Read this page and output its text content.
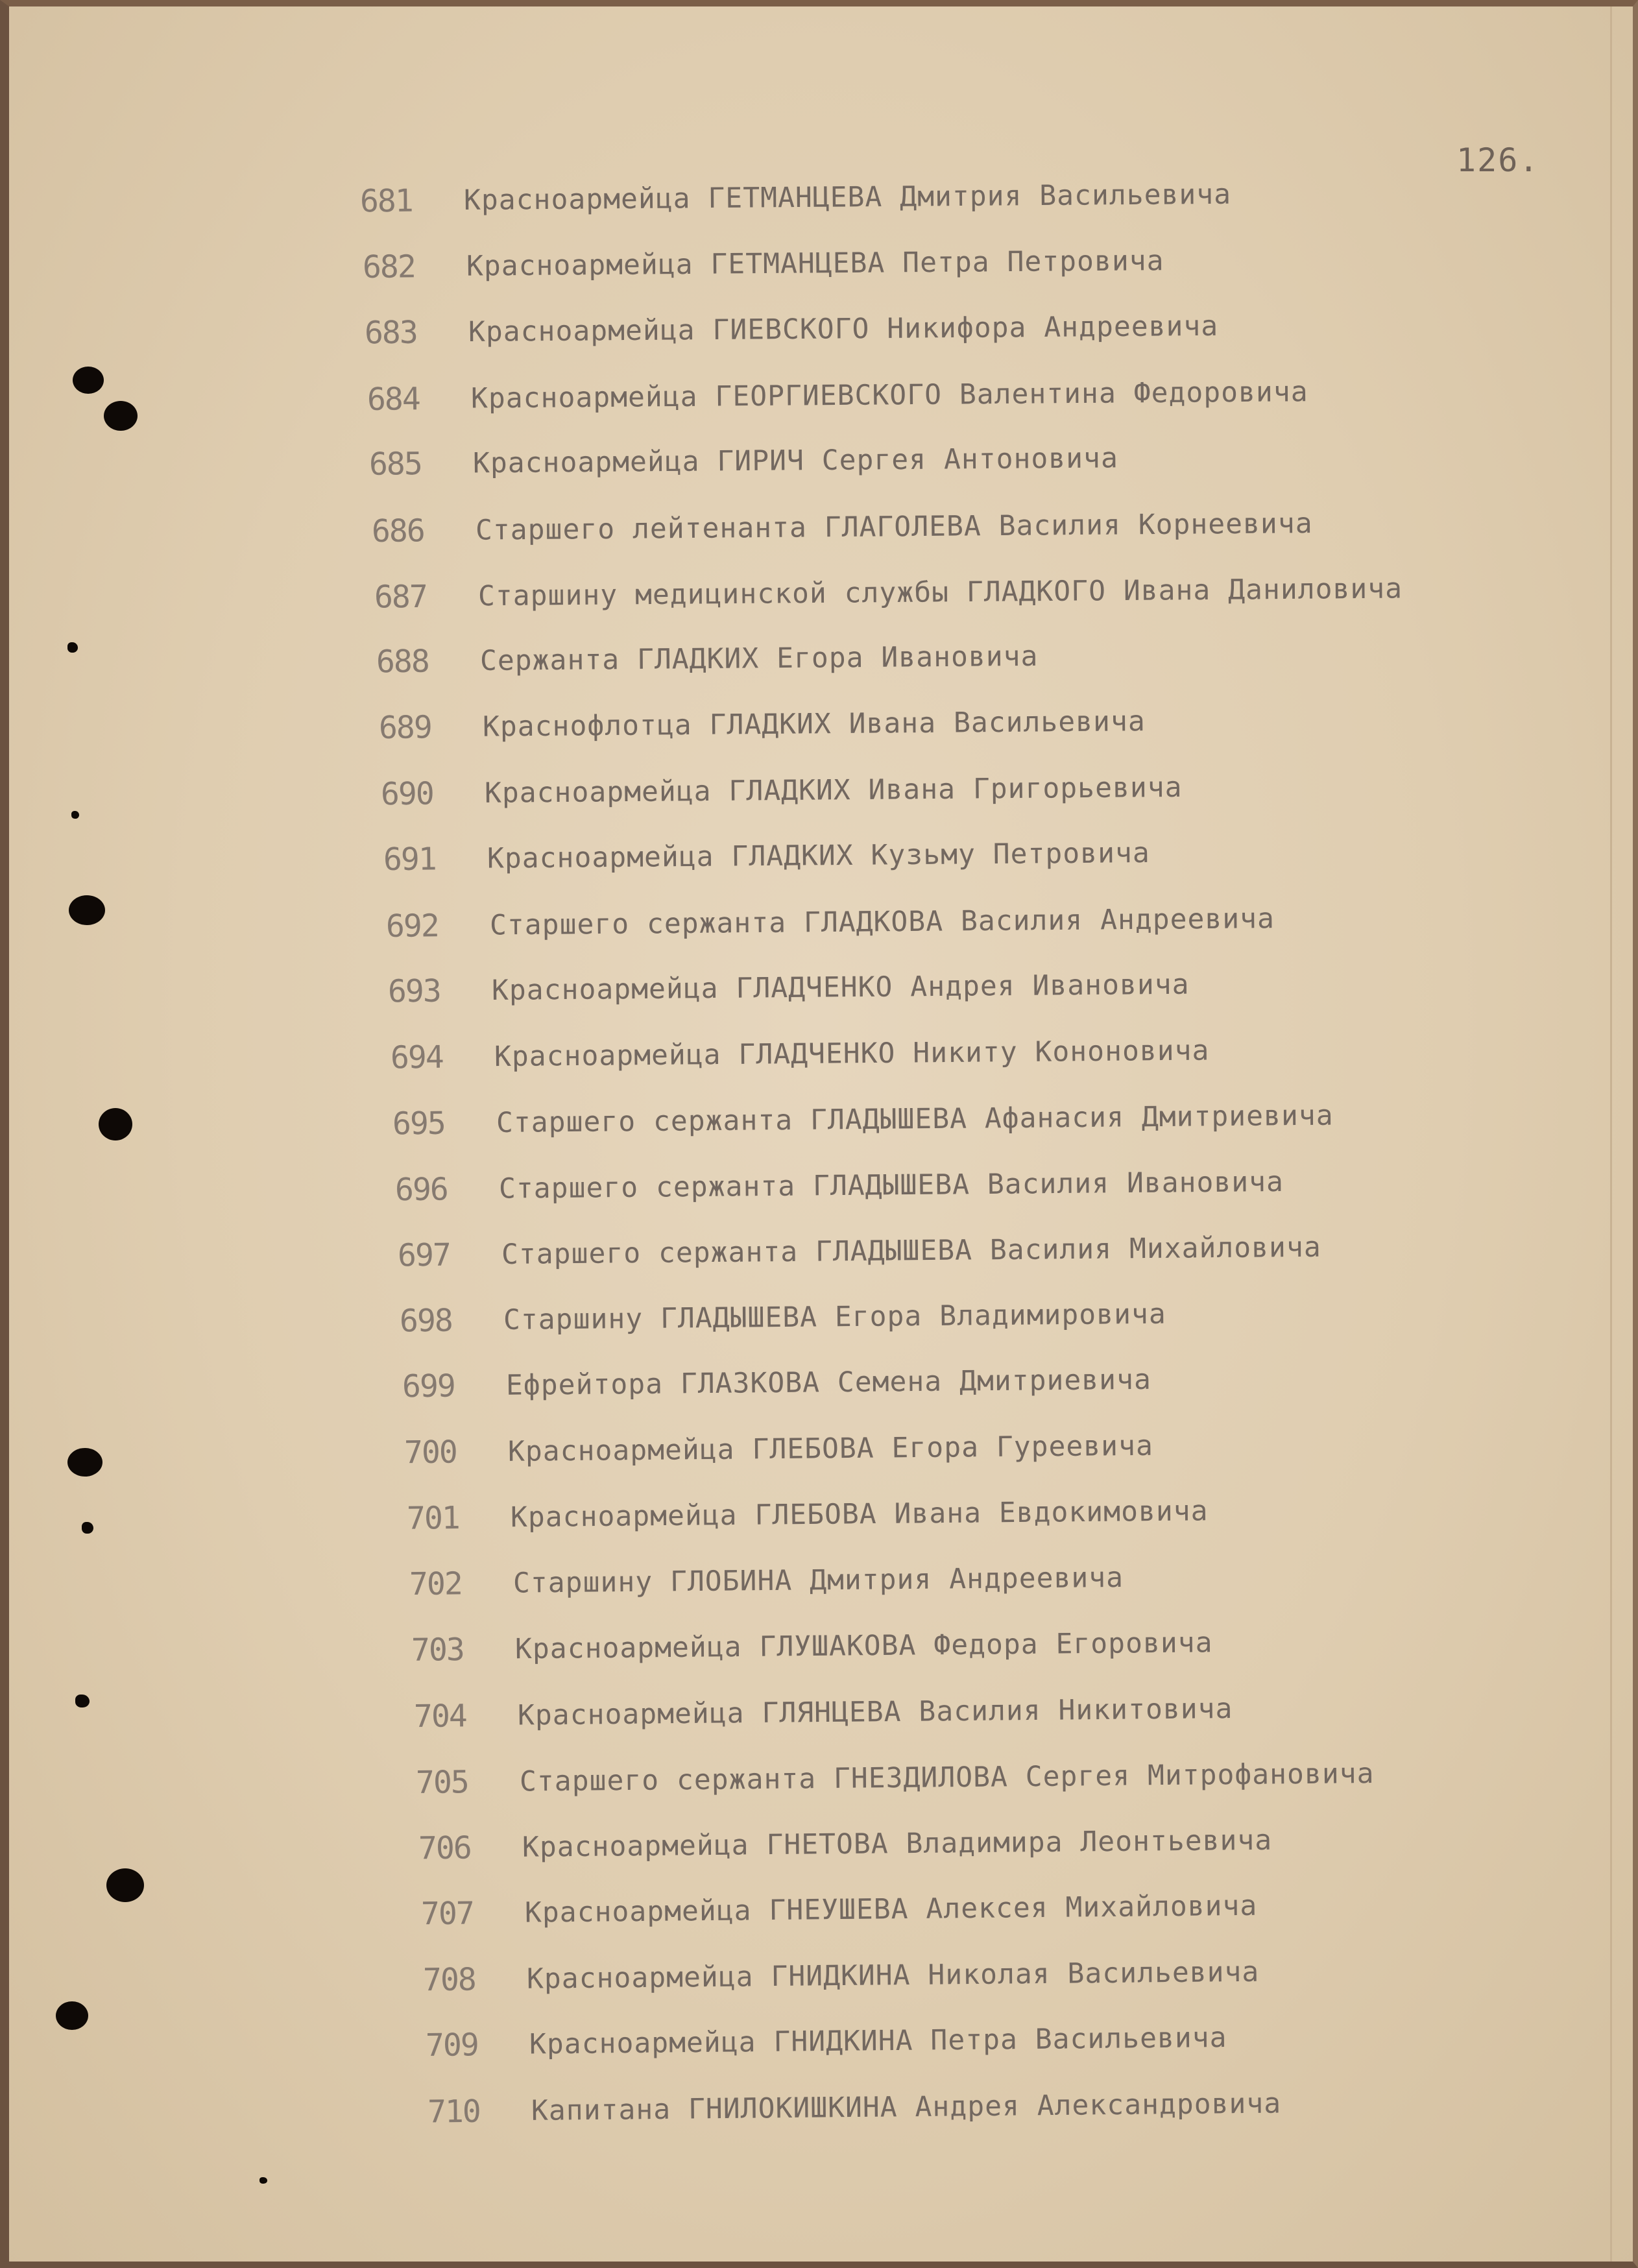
126.
681	Красноармейца ГЕТМАНЦЕВА Дмитрия Васильевича
682	Красноармейца ГЕТМАНЦЕВА Петра Петровича
683	Красноармейца ГИЕВСКОГО Никифора Андреевича
684	Красноармейца ГЕОРГИЕВСКОГО Валентина Федоровича
685	Красноармейца ГИРИЧ Сергея Антоновича
686	Старшего лейтенанта ГЛАГОЛЕВА Василия Корнеевича
687	Старшину медицинской службы ГЛАДКОГО Ивана Даниловича
688	Сержанта ГЛАДКИХ Егора Ивановича
689	Краснофлотца ГЛАДКИХ Ивана Васильевича
690	Красноармейца ГЛАДКИХ Ивана Григорьевича
691	Красноармейца ГЛАДКИХ Кузьму Петровича
692	Старшего сержанта ГЛАДКОВА Василия Андреевича
693	Красноармейца ГЛАДЧЕНКО Андрея Ивановича
694	Красноармейца ГЛАДЧЕНКО Никиту Кононовича
695	Старшего сержанта ГЛАДЫШЕВА Афанасия Дмитриевича
696	Старшего сержанта ГЛАДЫШЕВА Василия Ивановича
697	Старшего сержанта ГЛАДЫШЕВА Василия Михайловича
698	Старшину ГЛАДЫШЕВА Егора Владимировича
699	Ефрейтора ГЛАЗКОВА Семена Дмитриевича
700	Красноармейца ГЛЕБОВА Егора Гуреевича
701	Красноармейца ГЛЕБОВА Ивана Евдокимовича
702	Старшину ГЛОБИНА Дмитрия Андреевича
703	Красноармейца ГЛУШАКОВА Федора Егоровича
704	Красноармейца ГЛЯНЦЕВА Василия Никитовича
705	Старшего сержанта ГНЕЗДИЛОВА Сергея Митрофановича
706	Красноармейца ГНЕТОВА Владимира Леонтьевича
707	Красноармейца ГНЕУШЕВА Алексея Михайловича
708	Красноармейца ГНИДКИНА Николая Васильевича
709	Красноармейца ГНИДКИНА Петра Васильевича
710	Капитана ГНИЛОКИШКИНА Андрея Александровича
